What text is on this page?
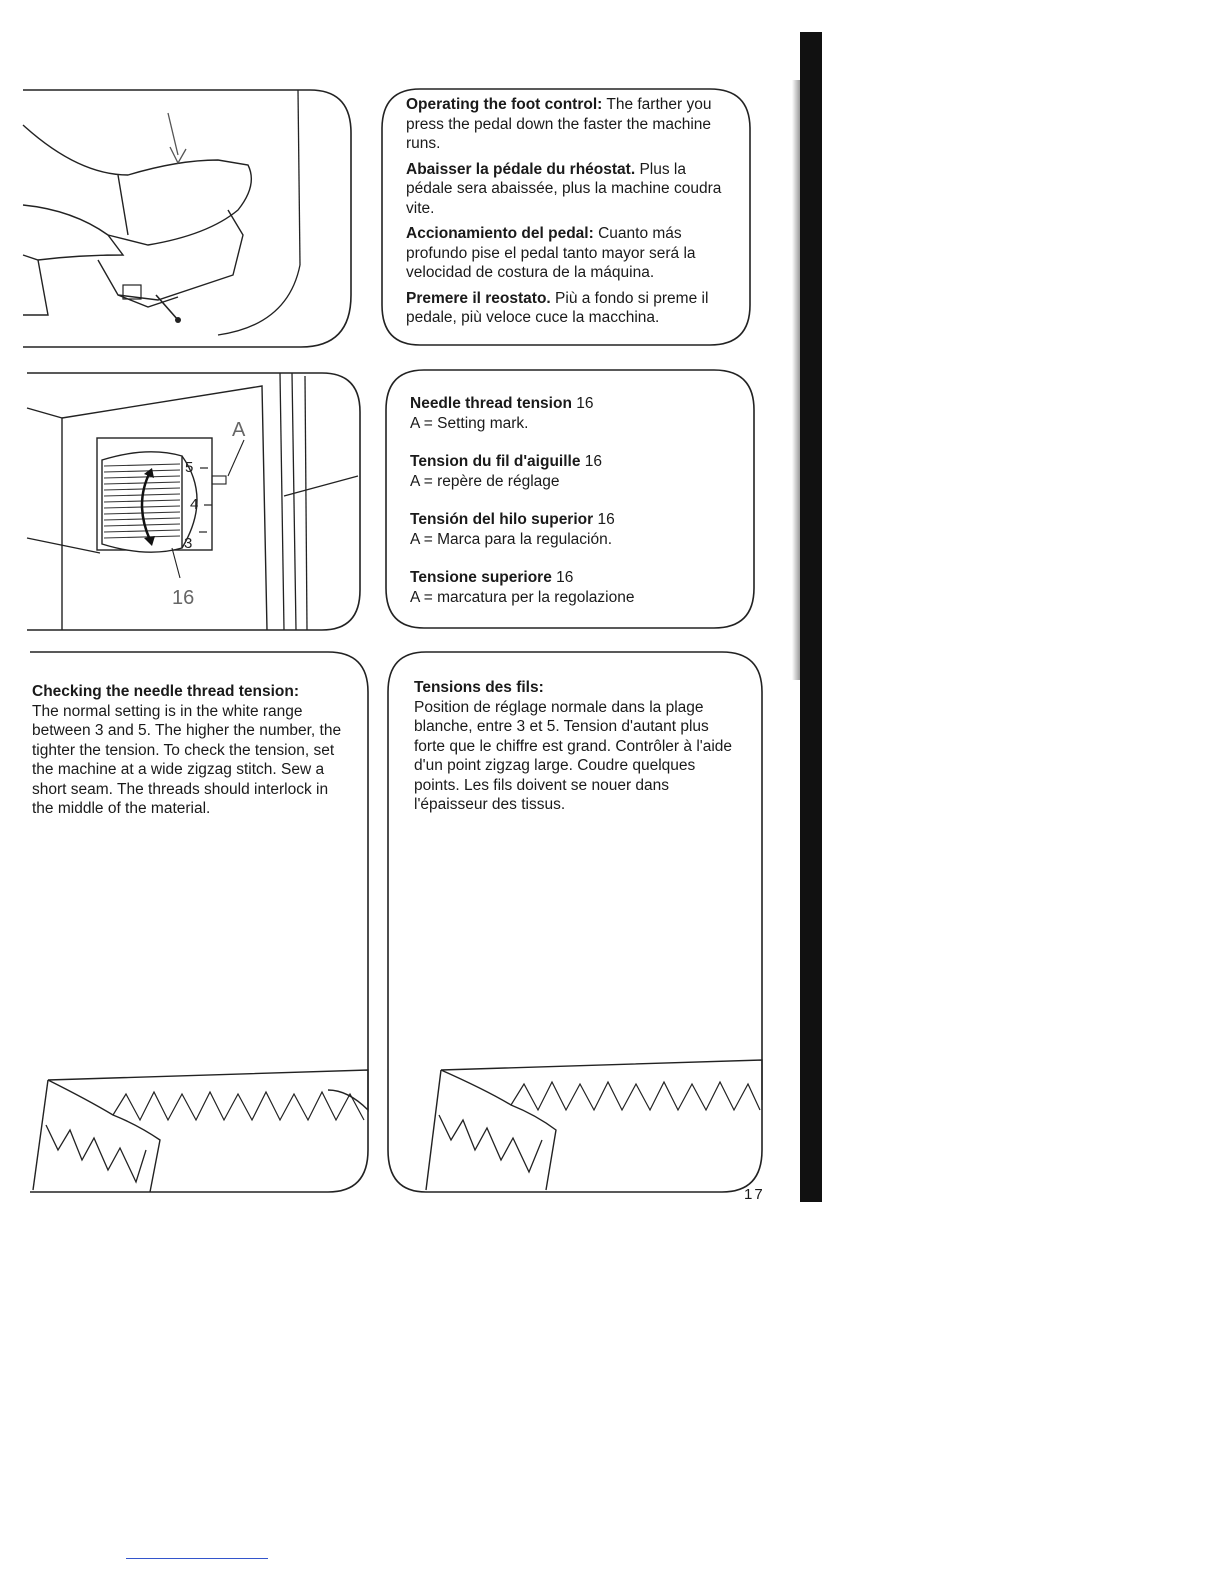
Operating the foot control: The farther you press the pedal down the faster the machine runs.

Abaisser la pédale du rhéostat. Plus la pédale sera abaissée, plus la machine coudra vite.

Accionamiento del pedal: Cuanto más profundo pise el pedal tanto mayor será la velocidad de costura de la máquina.

Premere il reostato. Più a fondo si preme il pedale, più veloce cuce la macchina.

5
4
3
A
16
Needle thread tension 16
A = Setting mark.
Tension du fil d'aiguille 16
A = repère de réglage
Tensión del hilo superior 16
A = Marca para la regulación.
Tensione superiore 16
A = marcatura per la regolazione
Checking the needle thread tension:
The normal setting is in the white range between 3 and 5. The higher the number, the tighter the tension. To check the tension, set the machine at a wide zigzag stitch. Sew a short seam. The threads should interlock in the middle of the material.
Tensions des fils:
Position de réglage normale dans la plage blanche, entre 3 et 5. Tension d'autant plus forte que le chiffre est grand. Contrôler à l'aide d'un point zigzag large. Coudre quelques points. Les fils doivent se nouer dans l'épaisseur des tissus.
17
